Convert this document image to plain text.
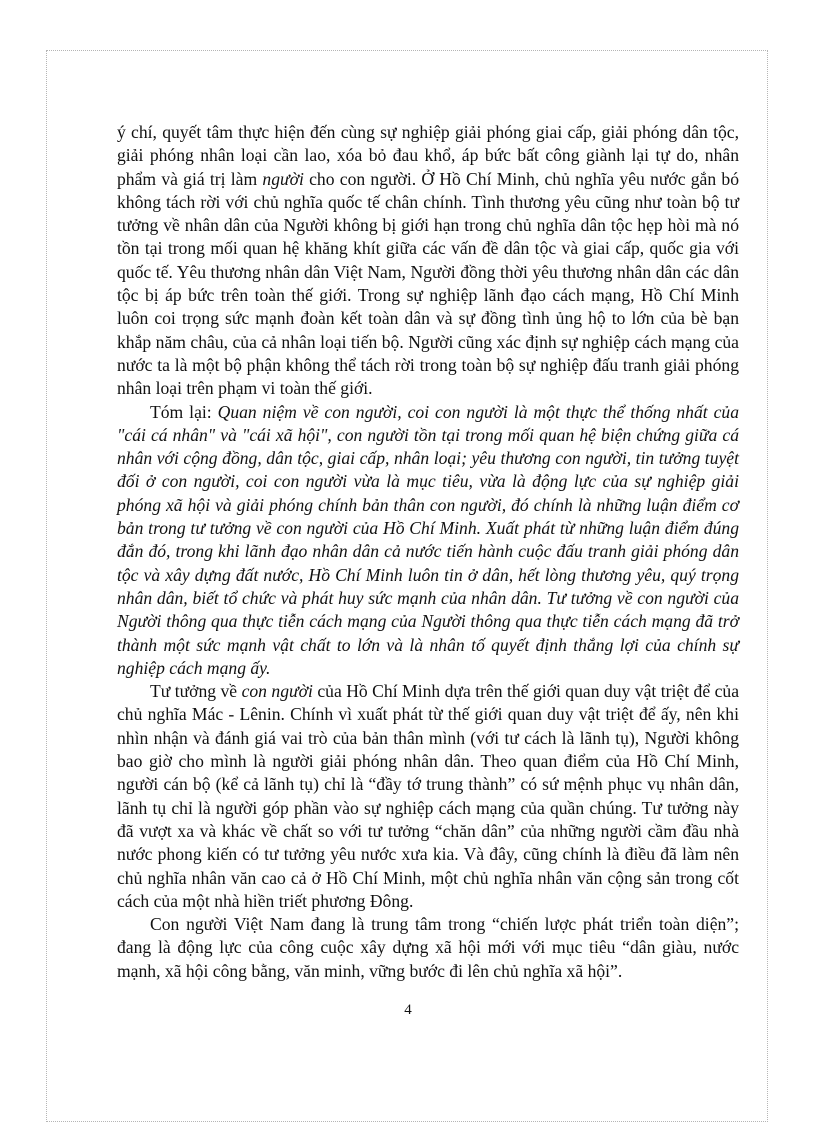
ý chí, quyết tâm thực hiện đến cùng sự nghiệp giải phóng giai cấp, giải phóng dân tộc, giải phóng nhân loại cần lao, xóa bỏ đau khổ, áp bức bất công giành lại tự do, nhân phẩm và giá trị làm người cho con người. Ở Hồ Chí Minh, chủ nghĩa yêu nước gắn bó không tách rời với chủ nghĩa quốc tế chân chính. Tình thương yêu cũng như toàn bộ tư tưởng về nhân dân của Người không bị giới hạn trong chủ nghĩa dân tộc hẹp hòi mà nó tồn tại trong mối quan hệ khăng khít giữa các vấn đề dân tộc và giai cấp, quốc gia với quốc tế. Yêu thương nhân dân Việt Nam, Người đồng thời yêu thương nhân dân các dân tộc bị áp bức trên toàn thế giới. Trong sự nghiệp lãnh đạo cách mạng, Hồ Chí Minh luôn coi trọng sức mạnh đoàn kết toàn dân và sự đồng tình ủng hộ to lớn của bè bạn khắp năm châu, của cả nhân loại tiến bộ. Người cũng xác định sự nghiệp cách mạng của nước ta là một bộ phận không thể tách rời trong toàn bộ sự nghiệp đấu tranh giải phóng nhân loại trên phạm vi toàn thế giới.

Tóm lại: Quan niệm về con người, coi con người là một thực thể thống nhất của "cái cá nhân" và "cái xã hội", con người tồn tại trong mối quan hệ biện chứng giữa cá nhân với cộng đồng, dân tộc, giai cấp, nhân loại; yêu thương con người, tin tưởng tuyệt đối ở con người, coi con người vừa là mục tiêu, vừa là động lực của sự nghiệp giải phóng xã hội và giải phóng chính bản thân con người, đó chính là những luận điểm cơ bản trong tư tưởng về con người của Hồ Chí Minh. Xuất phát từ những luận điểm đúng đắn đó, trong khi lãnh đạo nhân dân cả nước tiến hành cuộc đấu tranh giải phóng dân tộc và xây dựng đất nước, Hồ Chí Minh luôn tin ở dân, hết lòng thương yêu, quý trọng nhân dân, biết tổ chức và phát huy sức mạnh của nhân dân. Tư tưởng về con người của Người thông qua thực tiễn cách mạng của Người thông qua thực tiễn cách mạng đã trở thành một sức mạnh vật chất to lớn và là nhân tố quyết định thắng lợi của chính sự nghiệp cách mạng ấy.

Tư tưởng về con người của Hồ Chí Minh dựa trên thế giới quan duy vật triệt để của chủ nghĩa Mác - Lênin. Chính vì xuất phát từ thế giới quan duy vật triệt để ấy, nên khi nhìn nhận và đánh giá vai trò của bản thân mình (với tư cách là lãnh tụ), Người không bao giờ cho mình là người giải phóng nhân dân. Theo quan điểm của Hồ Chí Minh, người cán bộ (kể cả lãnh tụ) chỉ là “đầy tớ trung thành” có sứ mệnh phục vụ nhân dân, lãnh tụ chỉ là người góp phần vào sự nghiệp cách mạng của quần chúng. Tư tưởng này đã vượt xa và khác về chất so với tư tưởng “chăn dân” của những người cầm đầu nhà nước phong kiến có tư tưởng yêu nước xưa kia. Và đây, cũng chính là điều đã làm nên chủ nghĩa nhân văn cao cả ở Hồ Chí Minh, một chủ nghĩa nhân văn cộng sản trong cốt cách của một nhà hiền triết phương Đông.

Con người Việt Nam đang là trung tâm trong “chiến lược phát triển toàn diện”; đang là động lực của công cuộc xây dựng xã hội mới với mục tiêu “dân giàu, nước mạnh, xã hội công bằng, văn minh, vững bước đi lên chủ nghĩa xã hội”.

4
